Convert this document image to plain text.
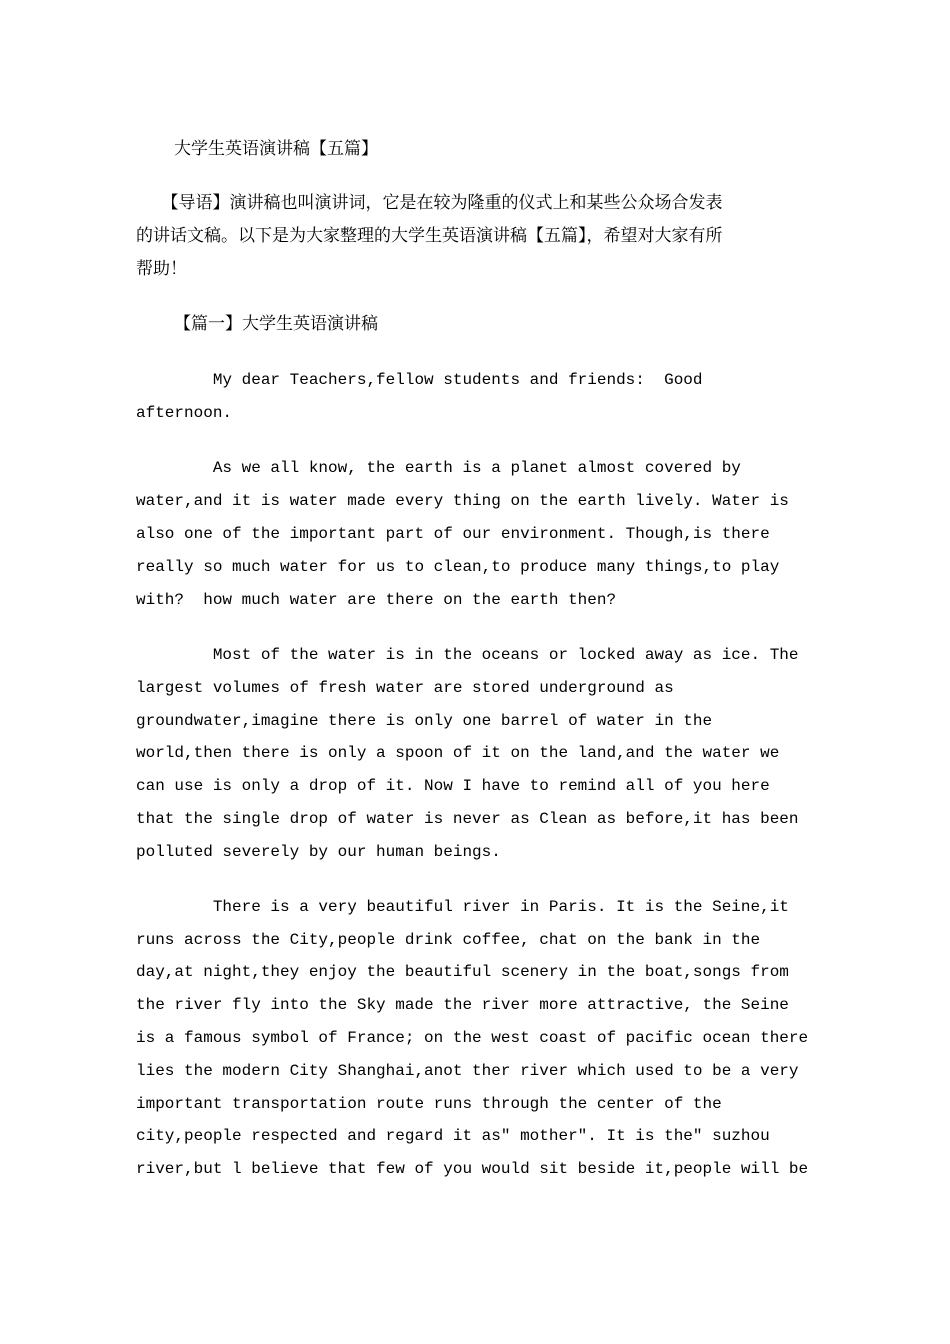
大学生英语演讲稿【五篇】

　　【导语】演讲稿也叫演讲词，它是在较为隆重的仪式上和某些公众场合发表

的讲话文稿。以下是为大家整理的大学生英语演讲稿【五篇】，希望对大家有所

帮助！

【篇一】大学生英语演讲稿

My dear Teachers,fellow students and friends:  Good

afternoon.

As we all know, the earth is a planet almost covered by

water,and it is water made every thing on the earth lively. Water is

also one of the important part of our environment. Though,is there

really so much water for us to clean,to produce many things,to play

with?  how much water are there on the earth then?

Most of the water is in the oceans or locked away as ice. The

largest volumes of fresh water are stored underground as

groundwater,imagine there is only one barrel of water in the

world,then there is only a spoon of it on the land,and the water we

can use is only a drop of it. Now I have to remind all of you here

that the single drop of water is never as Clean as before,it has been

polluted severely by our human beings.

There is a very beautiful river in Paris. It is the Seine,it

runs across the City,people drink coffee, chat on the bank in the

day,at night,they enjoy the beautiful scenery in the boat,songs from

the river fly into the Sky made the river more attractive, the Seine

is a famous symbol of France; on the west coast of pacific ocean there

lies the modern City Shanghai,anot ther river which used to be a very

important transportation route runs through the center of the

city,people respected and regard it as" mother". It is the" suzhou

river,but l believe that few of you would sit beside it,people will be
